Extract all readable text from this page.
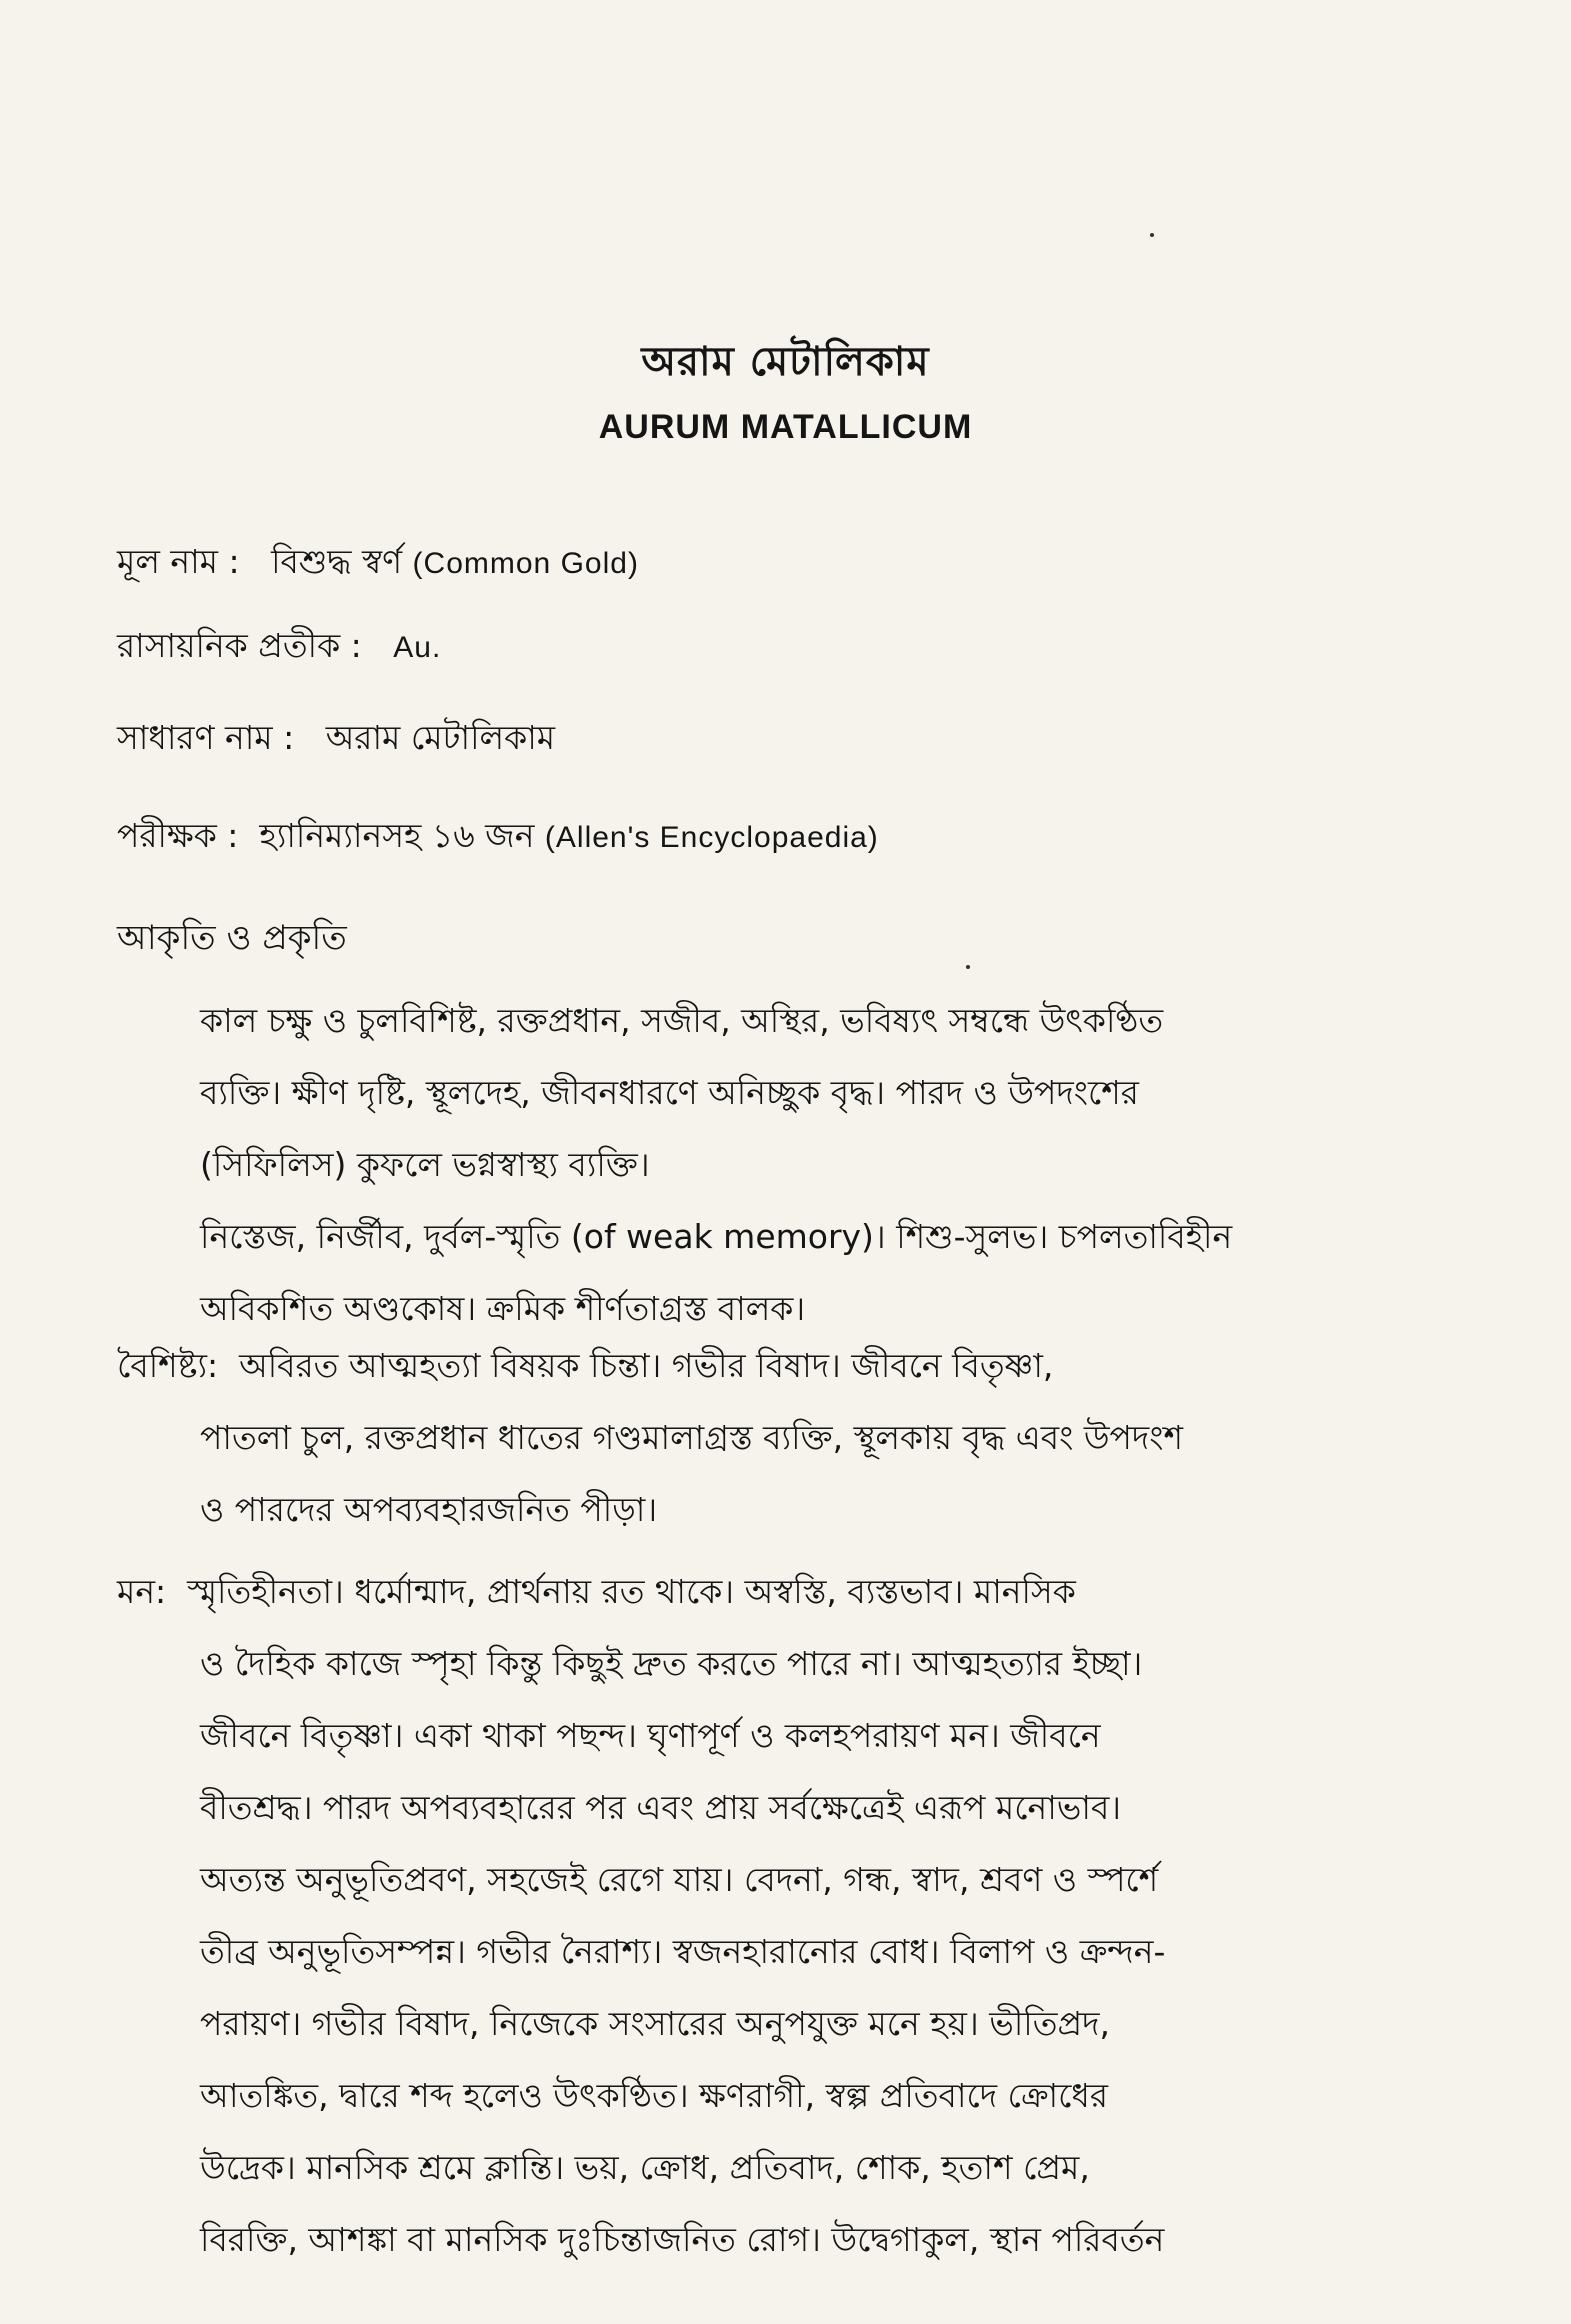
অরাম মেটালিকাম
AURUM MATALLICUM
মূল নাম : বিশুদ্ধ স্বর্ণ (Common Gold)
রাসায়নিক প্রতীক : Au.
সাধারণ নাম : অরাম মেটালিকাম
পরীক্ষক : হ্যানিম্যানসহ ১৬ জন (Allen's Encyclopaedia)
আকৃতি ও প্রকৃতি
কাল চক্ষু ও চুলবিশিষ্ট, রক্তপ্রধান, সজীব, অস্থির, ভবিষ্যৎ সম্বন্ধে উৎকণ্ঠিত
ব্যক্তি। ক্ষীণ দৃষ্টি, স্থূলদেহ, জীবনধারণে অনিচ্ছুক বৃদ্ধ। পারদ ও উপদংশের
(সিফিলিস) কুফলে ভগ্নস্বাস্থ্য ব্যক্তি।
নিস্তেজ, নির্জীব, দুর্বল-স্মৃতি (of weak memory)। শিশু-সুলভ। চপলতাবিহীন
অবিকশিত অণ্ডকোষ। ক্রমিক শীর্ণতাগ্রস্ত বালক।
বৈশিষ্ট্য: অবিরত আত্মহত্যা বিষয়ক চিন্তা। গভীর বিষাদ। জীবনে বিতৃষ্ণা,
পাতলা চুল, রক্তপ্রধান ধাতের গণ্ডমালাগ্রস্ত ব্যক্তি, স্থূলকায় বৃদ্ধ এবং উপদংশ
ও পারদের অপব্যবহারজনিত পীড়া।
মন: স্মৃতিহীনতা। ধর্মোন্মাদ, প্রার্থনায় রত থাকে। অস্বস্তি, ব্যস্তভাব। মানসিক
ও দৈহিক কাজে স্পৃহা কিন্তু কিছুই দ্রুত করতে পারে না। আত্মহত্যার ইচ্ছা।
জীবনে বিতৃষ্ণা। একা থাকা পছন্দ। ঘৃণাপূর্ণ ও কলহপরায়ণ মন। জীবনে
বীতশ্রদ্ধ। পারদ অপব্যবহারের পর এবং প্রায় সর্বক্ষেত্রেই এরূপ মনোভাব।
অত্যন্ত অনুভূতিপ্রবণ, সহজেই রেগে যায়। বেদনা, গন্ধ, স্বাদ, শ্রবণ ও স্পর্শে
তীব্র অনুভূতিসম্পন্ন। গভীর নৈরাশ্য। স্বজনহারানোর বোধ। বিলাপ ও ক্রন্দন-
পরায়ণ। গভীর বিষাদ, নিজেকে সংসারের অনুপযুক্ত মনে হয়। ভীতিপ্রদ,
আতঙ্কিত, দ্বারে শব্দ হলেও উৎকণ্ঠিত। ক্ষণরাগী, স্বল্প প্রতিবাদে ক্রোধের
উদ্রেক। মানসিক শ্রমে ক্লান্তি। ভয়, ক্রোধ, প্রতিবাদ, শোক, হতাশ প্রেম,
বিরক্তি, আশঙ্কা বা মানসিক দুঃচিন্তাজনিত রোগ। উদ্বেগাকুল, স্থান পরিবর্তন
